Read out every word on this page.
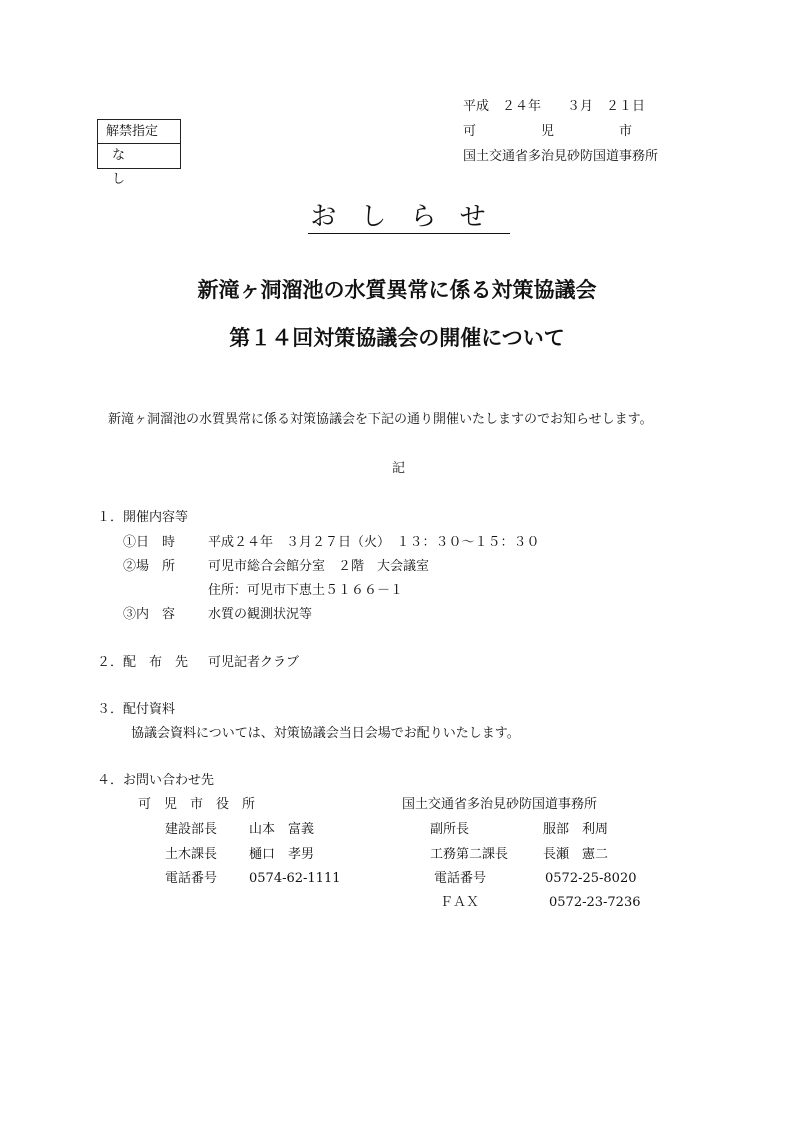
平成　２４年　　３月　２１日
可　　　　　児　　　　　市
国土交通省多治見砂防国道事務所
解禁指定
なし
おしらせ
新滝ヶ洞溜池の水質異常に係る対策協議会
第１４回対策協議会の開催について
新滝ヶ洞溜池の水質異常に係る対策協議会を下記の通り開催いたしますのでお知らせします。
記
１．開催内容等
①日　時	平成２４年　３月２７日（火）　１３：３０～１５：３０
②場　所	可児市総合会館分室　２階　大会議室
住所：可児市下恵土５１６６－１
③内　容	水質の観測状況等
２．配　布　先 可児記者クラブ
３．配付資料
協議会資料については、対策協議会当日会場でお配りいたします。
４．お問い合わせ先
可　児　市　役　所
建設部長 山本　富義
土木課長 樋口　孝男
電話番号 0574-62-1111
国土交通省多治見砂防国道事務所
副所長	服部　利周
工務第二課長	長瀬　憲二
電話番号	0572-25-8020
ＦＡＸ	0572-23-7236
